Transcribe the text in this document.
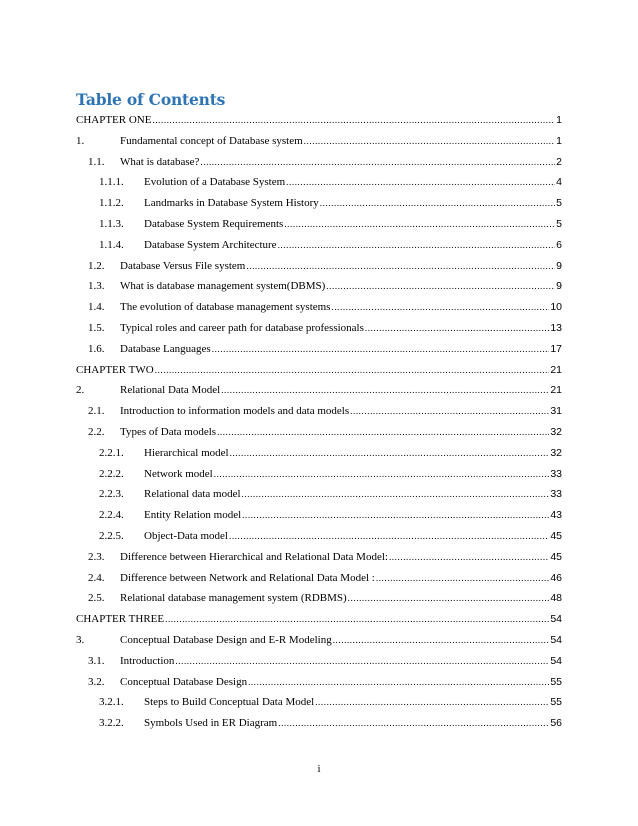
Table of Contents
CHAPTER ONE .....	1
1.	Fundamental concept of Database system .....	1
1.1.	What is database? .....	2
1.1.1.	Evolution of a Database System .....	4
1.1.2.	Landmarks in Database System History .....	5
1.1.3.	Database System Requirements .....	5
1.1.4.	Database System Architecture .....	6
1.2.	Database Versus File system .....	9
1.3.	What is database management system(DBMS) .....	9
1.4.	The evolution of database management systems .....	10
1.5.	Typical roles and career path for database professionals .....	13
1.6.	Database Languages .....	17
CHAPTER TWO .....	21
2.	Relational Data Model .....	21
2.1.	Introduction to information models and data models .....	31
2.2.	Types of Data models .....	32
2.2.1.	Hierarchical model .....	32
2.2.2.	Network model .....	33
2.2.3.	Relational data model .....	33
2.2.4.	Entity Relation model .....	43
2.2.5.	Object-Data model .....	45
2.3.	Difference between Hierarchical and Relational Data Model: .....	45
2.4.	Difference between Network and Relational Data Model : .....	46
2.5.	Relational database management system (RDBMS) .....	48
CHAPTER THREE .....	54
3.	Conceptual Database Design and E-R Modeling .....	54
3.1.	Introduction .....	54
3.2.	Conceptual Database Design .....	55
3.2.1.	Steps to Build Conceptual Data Model .....	55
3.2.2.	Symbols Used in ER Diagram .....	56
i
